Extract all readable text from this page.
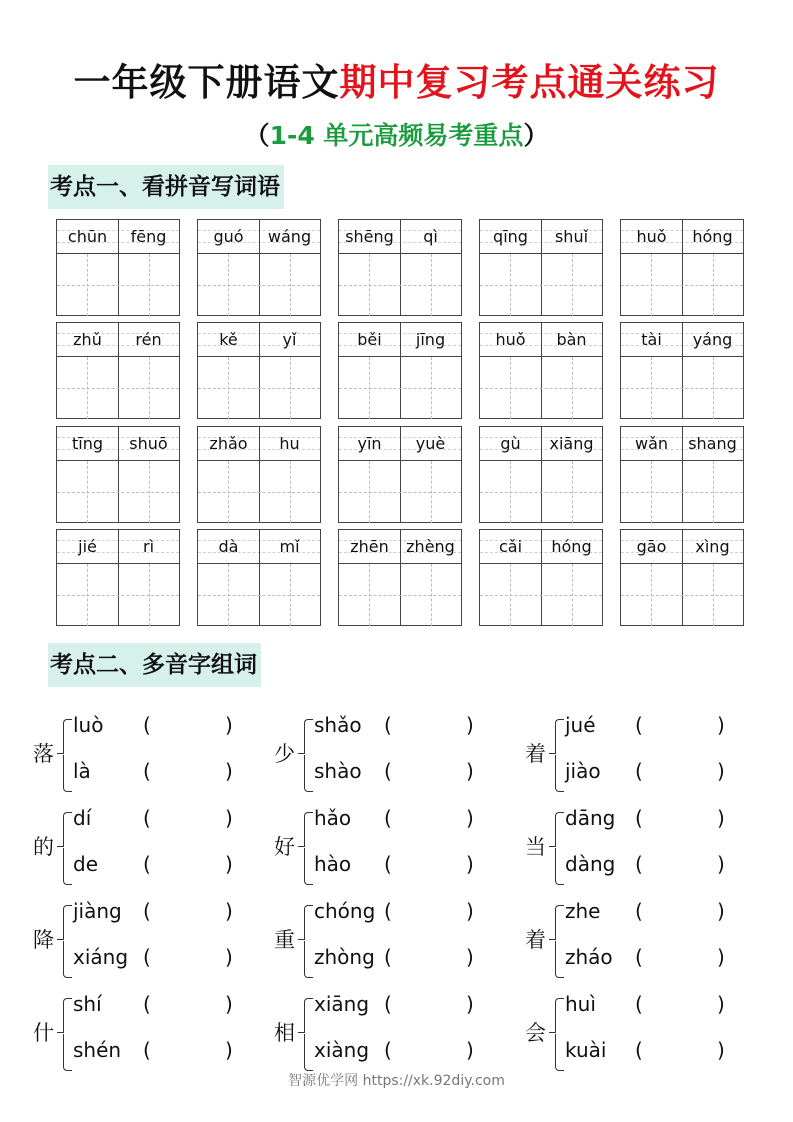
一年级下册语文期中复习考点通关练习
（1-4 单元高频易考重点）
考点一、看拼音写词语
chūn	fēng	guó	wáng	shēng	qì	qīng	shuǐ	huǒ	hóng
zhǔ	rén	kě	yǐ	běi	jīng	huǒ	bàn	tài	yáng
tīng	shuō	zhǎo	hu	yīn	yuè	gù	xiāng	wǎn	shang
jié	rì	dà	mǐ	zhēn	zhèng	cǎi	hóng	gāo	xìng
考点二、多音字组词
落
luò (	)
là	(	)
少
shǎo (	)
shào (	)
着
jué (	)
jiào (	)
的
dí	(	)
de (	)
好
hǎo (	)
hào (	)
当
dāng (	)
dàng (	)
降
jiàng (	)
xiáng (	)
重
chóng (	)
zhòng (	)
着
zhe (	)
zháo (	)
什
shí (	)
shén (	)
相
xiāng (	)
xiàng (	)
会
huì (	)
kuài (	)
智源优学网 https://xk.92diy.com
